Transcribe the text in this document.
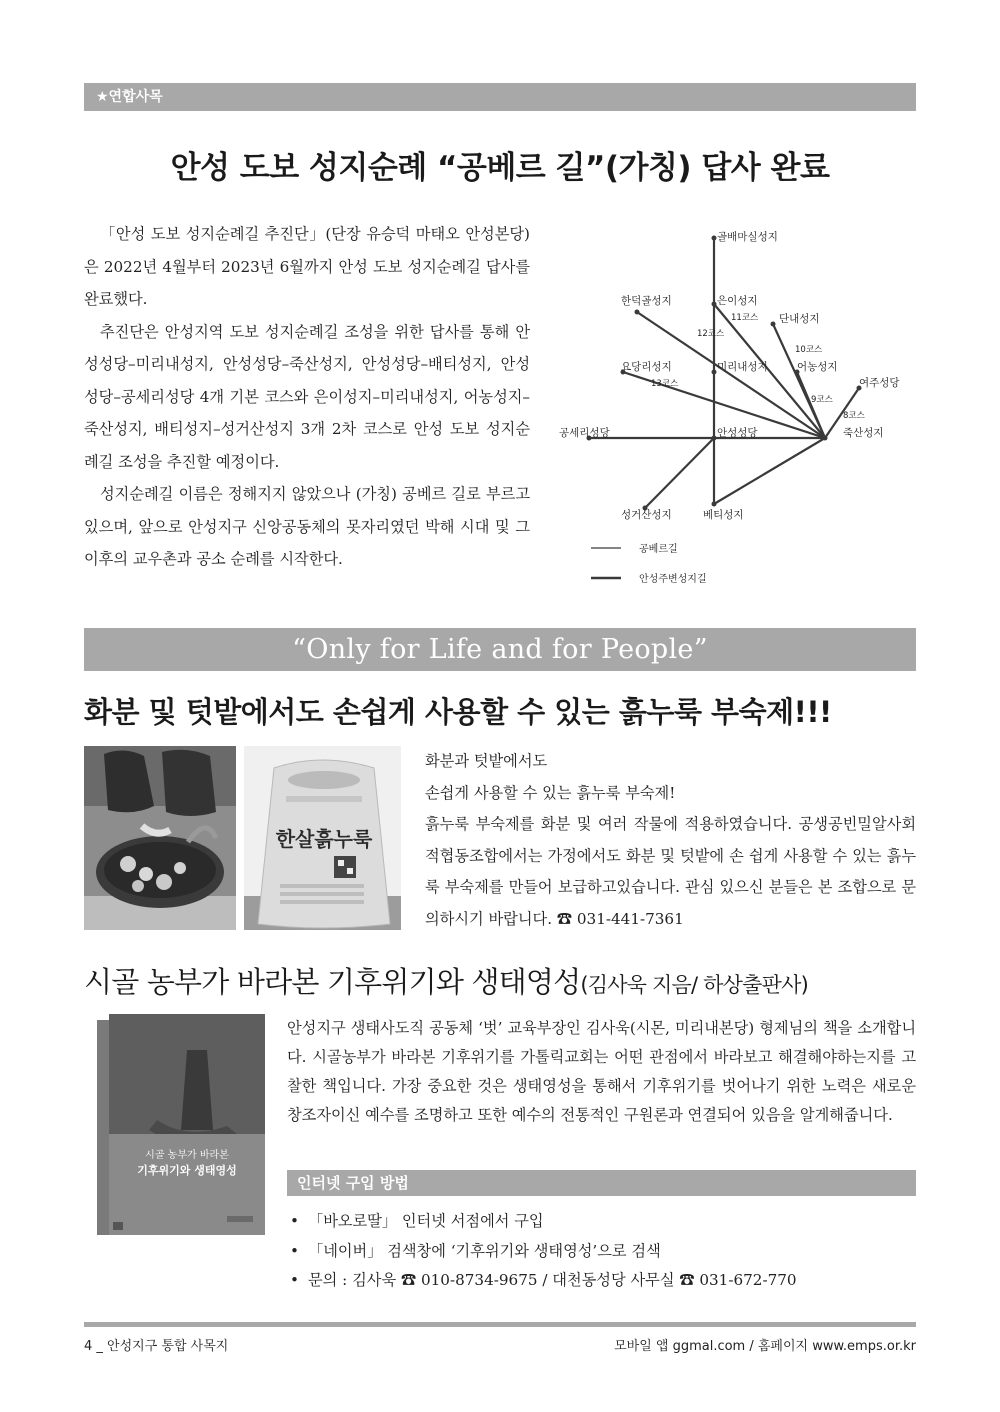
★연합사목
안성 도보 성지순례 “공베르 길”(가칭) 답사 완료

「안성 도보 성지순례길 추진단」(단장 유승덕 마태오 안성본당)은 2022년 4월부터 2023년 6월까지 안성 도보 성지순례길 답사를 완료했다.

추진단은 안성지역 도보 성지순례길 조성을 위한 답사를 통해 안성성당–미리내성지, 안성성당–죽산성지, 안성성당–배티성지, 안성성당–공세리성당 4개 기본 코스와 은이성지–미리내성지, 어농성지–죽산성지, 배티성지–성거산성지 3개 2차 코스로 안성 도보 성지순례길 조성을 추진할 예정이다.

성지순례길 이름은 정해지지 않았으나 (가칭) 공베르 길로 부르고 있으며, 앞으로 안성지구 신앙공동체의 못자리였던 박해 시대 및 그 이후의 교우촌과 공소 순례를 시작한다.

골배마실성지
한덕골성지	은이성지
단내성지
요당리성지	미리내성지	어농성지
여주성당
공세리성당	안성성당	죽산성지
성거산성지	베티성지
8코스
9코스
10코스
11코스
12코스
13코스
공베르길
안성주변성지길
“Only for Life and for People”
화분 및 텃밭에서도 손쉽게 사용할 수 있는 흙누룩 부숙제!!!
한살흙누룩

화분과 텃밭에서도

손쉽게 사용할 수 있는 흙누룩 부숙제!

흙누룩 부숙제를 화분 및 여러 작물에 적용하였습니다. 공생공빈밀알사회적협동조합에서는 가정에서도 화분 및 텃밭에 손 쉽게 사용할 수 있는 흙누룩 부숙제를 만들어 보급하고있습니다. 관심 있으신 분들은 본 조합으로 문의하시기 바랍니다. ☎ 031-441-7361

시골 농부가 바라본 기후위기와 생태영성(김사욱 지음/ 하상출판사)
시골 농부가 바라본
기후위기와 생태영성

안성지구 생태사도직 공동체 ‘벗’ 교육부장인 김사욱(시몬, 미리내본당) 형제님의 책을 소개합니다. 시골농부가 바라본 기후위기를 가톨릭교회는 어떤 관점에서 바라보고 해결해야하는지를 고찰한 책입니다. 가장 중요한 것은 생태영성을 통해서 기후위기를 벗어나기 위한 노력은 새로운 창조자이신 예수를 조명하고 또한 예수의 전통적인 구원론과 연결되어 있음을 알게해줍니다.

인터넷 구입 방법
• 「바오로딸」 인터넷 서점에서 구입
• 「네이버」 검색창에 ‘기후위기와 생태영성’으로 검색
• 문의 : 김사욱 ☎ 010-8734-9675 / 대천동성당 사무실 ☎ 031-672-770
4 _ 안성지구 통합 사목지	모바일 앱 ggmal.com / 홈페이지 www.emps.or.kr
